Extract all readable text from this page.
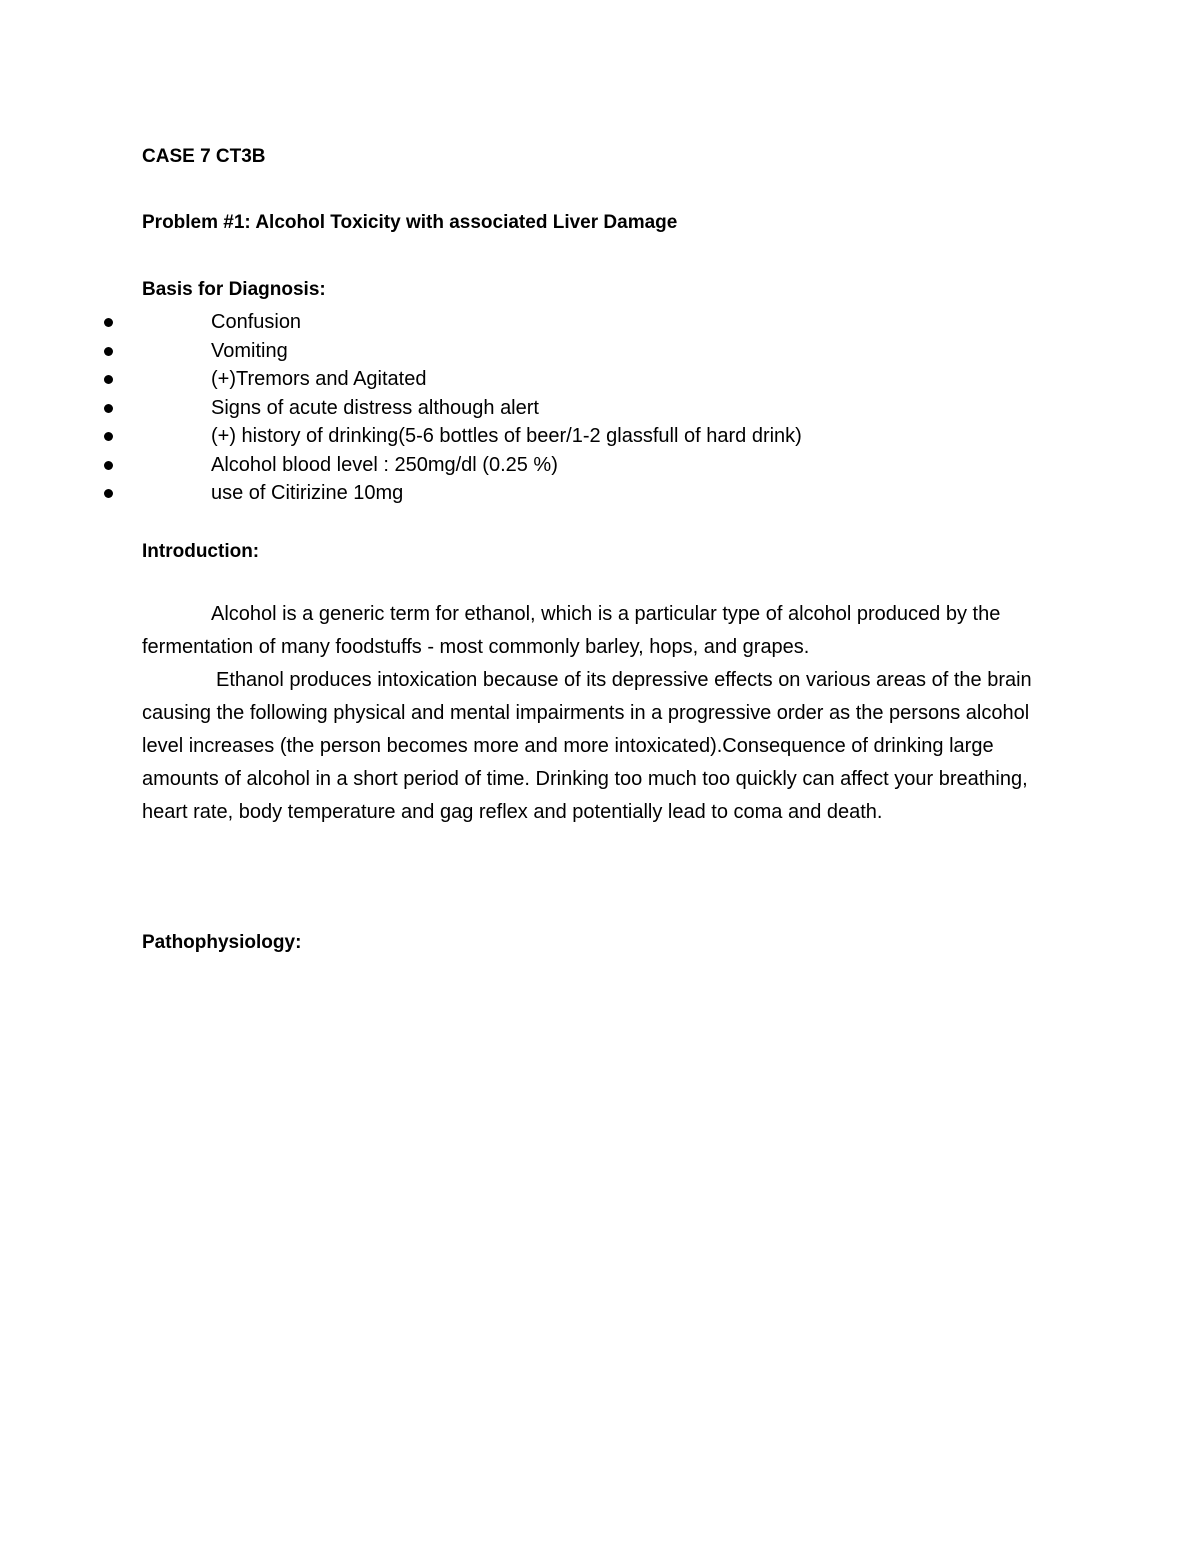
CASE 7 CT3B
Problem #1: Alcohol Toxicity with associated Liver Damage
Basis for Diagnosis:
Confusion
Vomiting
(+)Tremors and Agitated
Signs of acute distress although alert
(+) history of drinking(5-6 bottles of beer/1-2 glassfull of hard drink)
Alcohol blood level : 250mg/dl (0.25 %)
use of Citirizine 10mg
Introduction:

Alcohol is a generic term for ethanol, which is a particular type of alcohol produced by the fermentation of many foodstuffs - most commonly barley, hops, and grapes.

Ethanol produces intoxication because of its depressive effects on various areas of the brain causing the following physical and mental impairments in a progressive order as the persons alcohol level increases (the person becomes more and more intoxicated).Consequence of drinking large amounts of alcohol in a short period of time. Drinking too much too quickly can affect your breathing, heart rate, body temperature and gag reflex and potentially lead to coma and death.

Pathophysiology:
